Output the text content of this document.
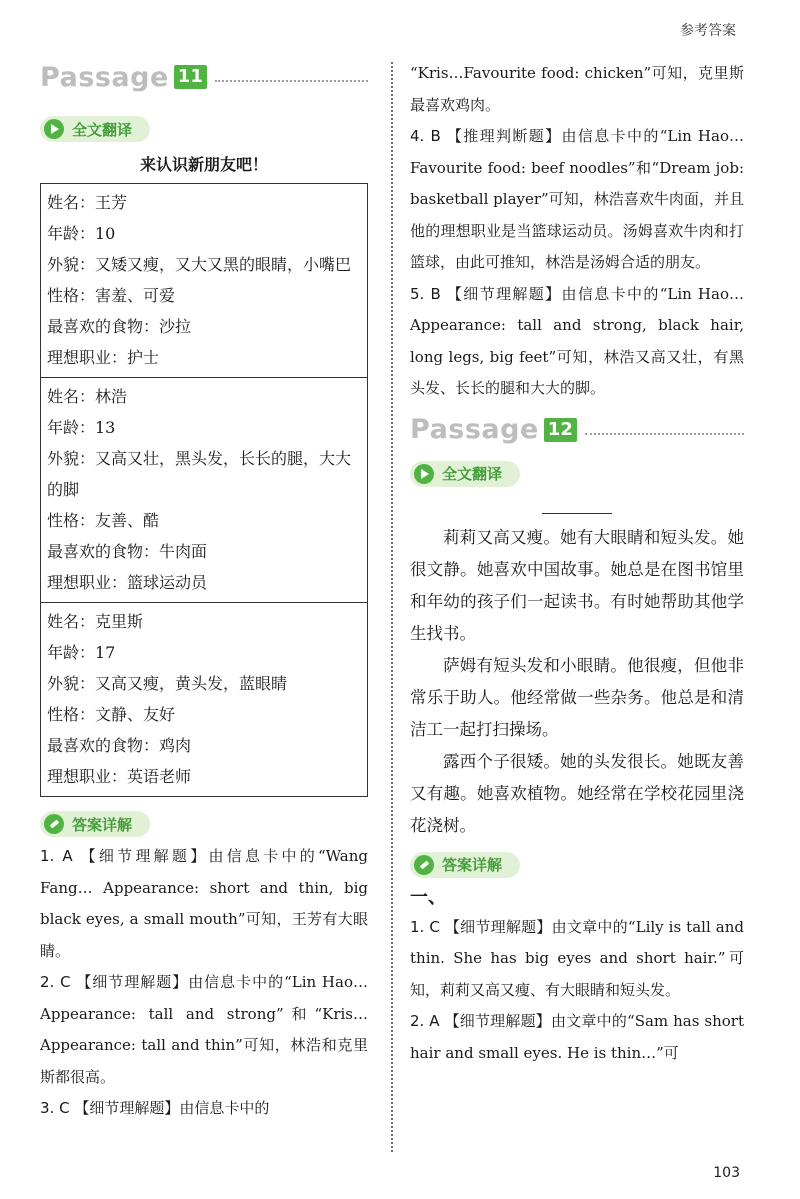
参考答案
Passage 11
全文翻译

来认识新朋友吧！

姓名：王芳
年龄：10
外貌：又矮又瘦，又大又黑的眼睛，小嘴巴
性格：害羞、可爱
最喜欢的食物：沙拉
理想职业：护士
姓名：林浩
年龄：13
外貌：又高又壮，黑头发，长长的腿，大大
的脚
性格：友善、酷
最喜欢的食物：牛肉面
理想职业：篮球运动员
姓名：克里斯
年龄：17
外貌：又高又瘦，黄头发，蓝眼睛
性格：文静、友好
最喜欢的食物：鸡肉
理想职业：英语老师
答案详解
1. A 【细节理解题】由信息卡中的“Wang Fang… Appearance: short and thin, big black eyes, a small mouth”可知，王芳有大眼睛。
2. C 【细节理解题】由信息卡中的“Lin Hao…Appearance: tall and strong”和“Kris…Appearance: tall and thin”可知，林浩和克里斯都很高。
3. C 【细节理解题】由信息卡中的
“Kris…Favourite food: chicken”可知，克里斯最喜欢鸡肉。
4. B 【推理判断题】由信息卡中的“Lin Hao…Favourite food: beef noodles”和“Dream job: basketball player”可知，林浩喜欢牛肉面，并且他的理想职业是当篮球运动员。汤姆喜欢牛肉和打篮球，由此可推知，林浩是汤姆合适的朋友。
5. B 【细节理解题】由信息卡中的“Lin Hao…Appearance: tall and strong, black hair, long legs, big feet”可知，林浩又高又壮，有黑头发、长长的腿和大大的脚。
Passage 12
全文翻译
莉莉又高又瘦。她有大眼睛和短头发。她很文静。她喜欢中国故事。她总是在图书馆里和年幼的孩子们一起读书。有时她帮助其他学生找书。
萨姆有短头发和小眼睛。他很瘦，但他非常乐于助人。他经常做一些杂务。他总是和清洁工一起打扫操场。
露西个子很矮。她的头发很长。她既友善又有趣。她喜欢植物。她经常在学校花园里浇花浇树。
答案详解
一、
1. C 【细节理解题】由文章中的“Lily is tall and thin. She has big eyes and short hair.”可知，莉莉又高又瘦、有大眼睛和短头发。
2. A 【细节理解题】由文章中的“Sam has short hair and small eyes. He is thin…”可
103
